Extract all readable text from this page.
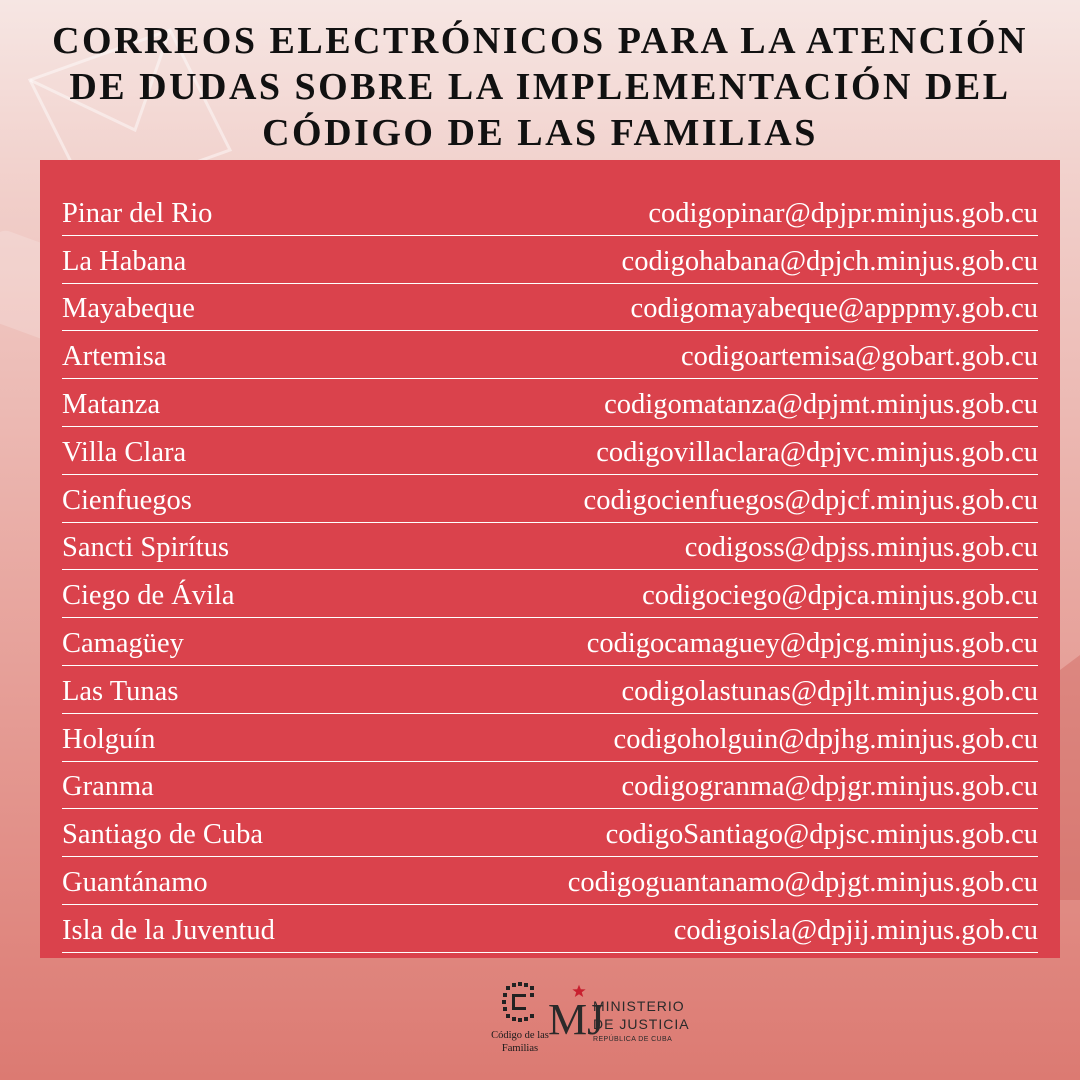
CORREOS ELECTRÓNICOS PARA LA ATENCIÓN
DE DUDAS SOBRE LA IMPLEMENTACIÓN DEL
CÓDIGO DE LAS FAMILIAS
Pinar del Rio	codigopinar@dpjpr.minjus.gob.cu
La Habana	codigohabana@dpjch.minjus.gob.cu
Mayabeque	codigomayabeque@apppmy.gob.cu
Artemisa	codigoartemisa@gobart.gob.cu
Matanza	codigomatanza@dpjmt.minjus.gob.cu
Villa Clara	codigovillaclara@dpjvc.minjus.gob.cu
Cienfuegos	codigocienfuegos@dpjcf.minjus.gob.cu
Sancti Spirítus	codigoss@dpjss.minjus.gob.cu
Ciego de Ávila	codigociego@dpjca.minjus.gob.cu
Camagüey	codigocamaguey@dpjcg.minjus.gob.cu
Las Tunas	codigolastunas@dpjlt.minjus.gob.cu
Holguín	codigoholguin@dpjhg.minjus.gob.cu
Granma	codigogranma@dpjgr.minjus.gob.cu
Santiago de Cuba	codigoSantiago@dpjsc.minjus.gob.cu
Guantánamo	codigoguantanamo@dpjgt.minjus.gob.cu
Isla de la Juventud	codigoisla@dpjij.minjus.gob.cu
Código de las
Familias
MJ
MINISTERIO
DE JUSTICIA
REPÚBLICA DE CUBA
